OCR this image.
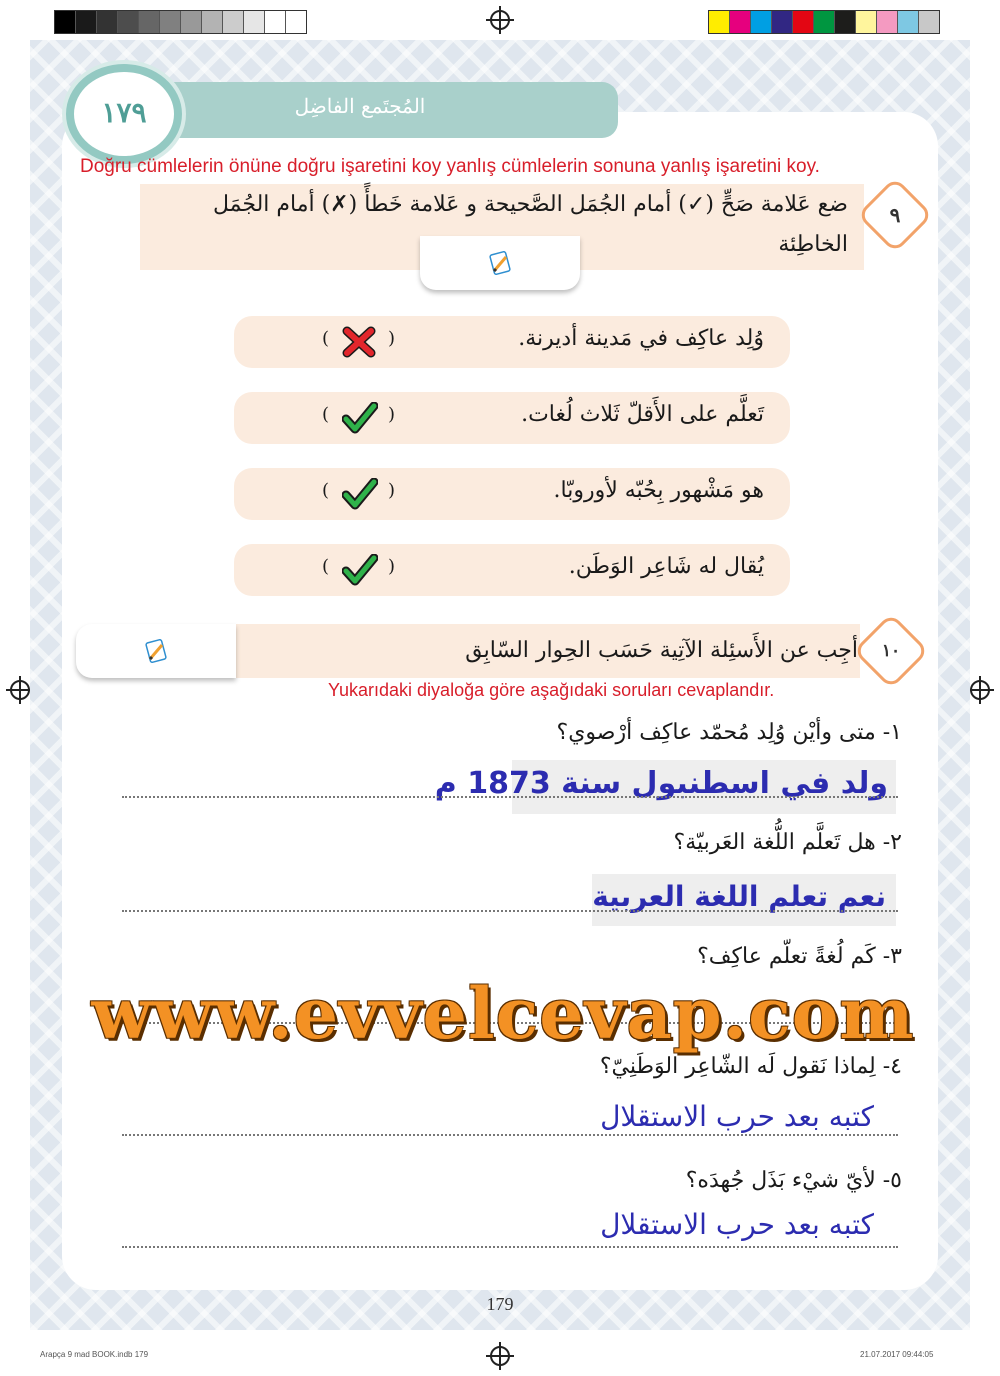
المُجتَمع الفاضِل
١٧٩
Doğru cümlelerin önüne doğru işaretini koy yanlış cümlelerin sonuna yanlış işaretini koy.
٩
ضع عَلامة صَحٍّ (✓) أمام الجُمَل الصَّحيحة و عَلامة خَطأً (✗) أمام الجُمَل
الخاطِئة
وُلِد عاكِف في مَدينة أديرنة.
(	)
تَعلَّم على الأَقلّ ثَلاث لُغات.
(	)
هو مَشْهور بِحُبّه لأوروبّا.
(	)
يُقال له شَاعِر الوَطَن.
(	)
١٠
أجِب عن الأَسئِلة الآتِية حَسَب الحِوار السّابِق
Yukarıdaki diyaloğa göre aşağıdaki soruları cevaplandır.
١- متى وأيْن وُلِد مُحمّد عاكِف أرْصوي؟
ولد في اسطنبول سنة 1873 م
٢- هل تَعلَّم اللُّغة العَربيّة؟
نعم تعلم اللغة العربية
٣- كَم لُغةً تعلّم عاكِف؟
٤- لِماذا نَقول لَه الشّاعِر الوَطَنِيّ؟
كتبه بعد حرب الاستقلال
٥- لأيّ شيْء بَذَل جُهدَه؟
كتبه بعد حرب الاستقلال
www.evvelcevap.com
179
Arapça 9 mad BOOK.indb 179	21.07.2017 09:44:05
